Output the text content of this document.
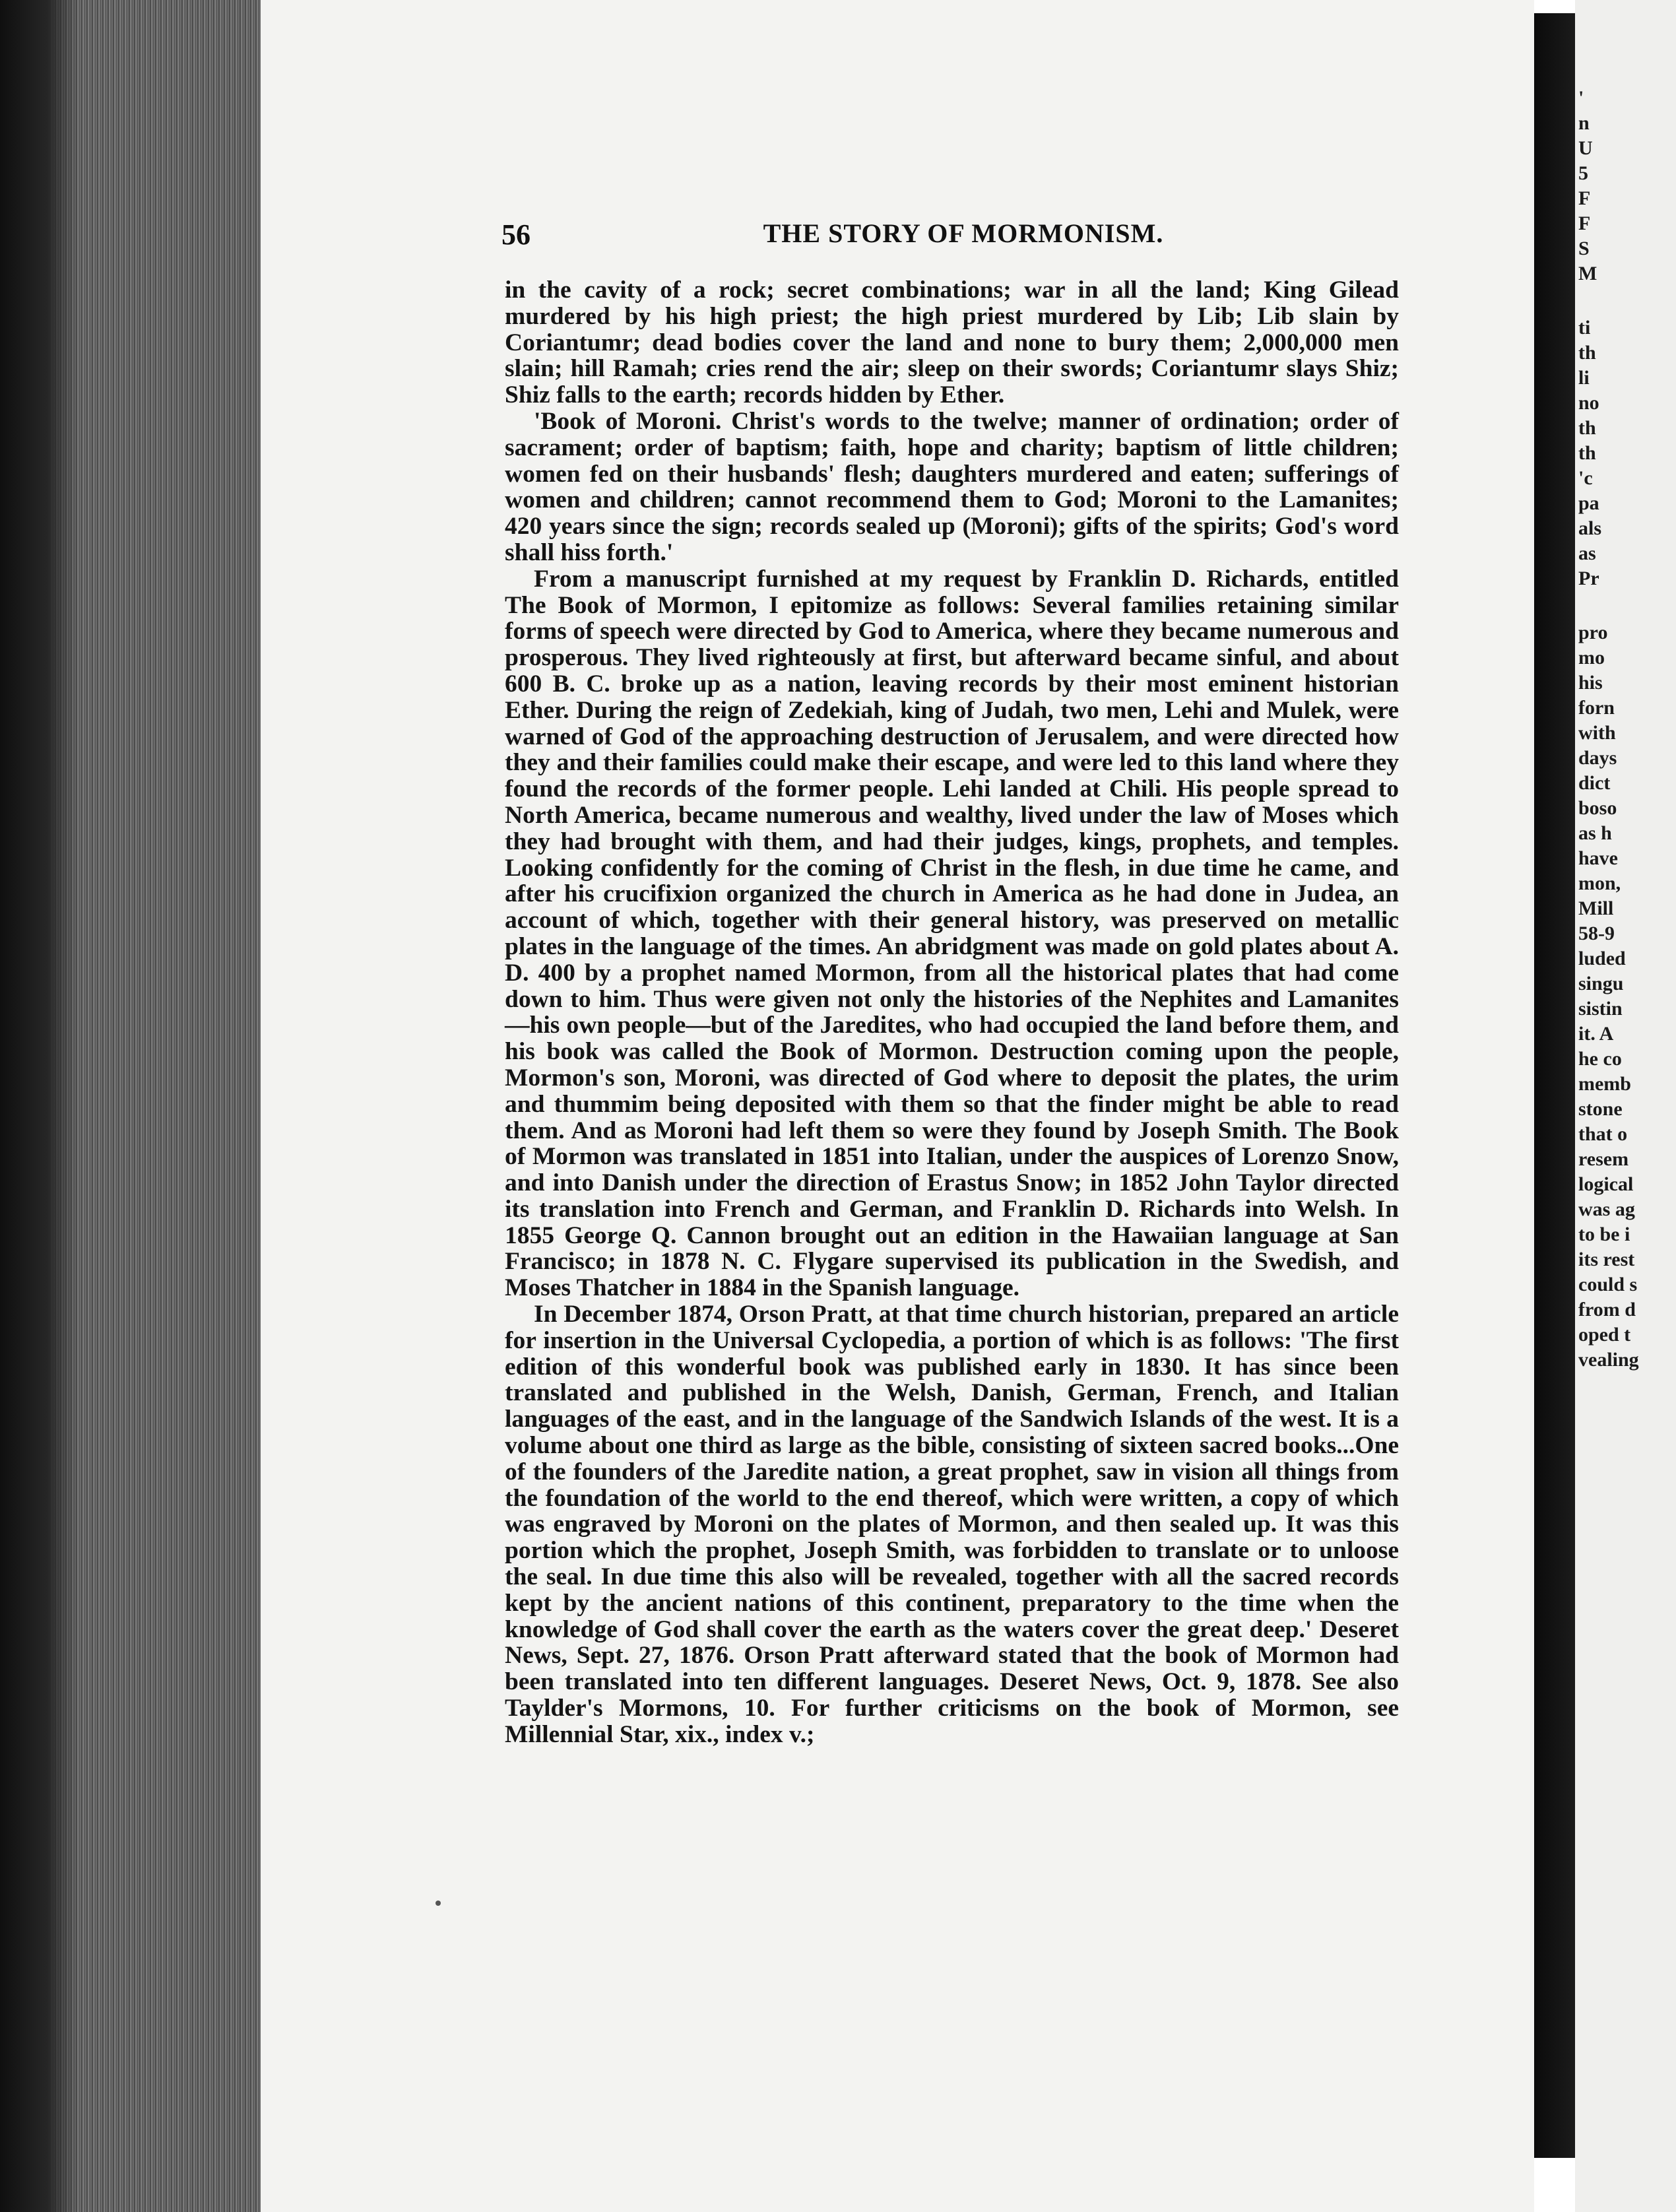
56	THE STORY OF MORMONISM.

in the cavity of a rock; secret combinations; war in all the land; King Gilead murdered by his high priest; the high priest murdered by Lib; Lib slain by Coriantumr; dead bodies cover the land and none to bury them; 2,000,000 men slain; hill Ramah; cries rend the air; sleep on their swords; Coriantumr slays Shiz; Shiz falls to the earth; records hidden by Ether.

'Book of Moroni. Christ's words to the twelve; manner of ordination; order of sacrament; order of baptism; faith, hope and charity; baptism of little children; women fed on their husbands' flesh; daughters murdered and eaten; sufferings of women and children; cannot recommend them to God; Moroni to the Lamanites; 420 years since the sign; records sealed up (Moroni); gifts of the spirits; God's word shall hiss forth.'

From a manuscript furnished at my request by Franklin D. Richards, entitled The Book of Mormon, I epitomize as follows: Several families retaining similar forms of speech were directed by God to America, where they became numerous and prosperous. They lived righteously at first, but afterward became sinful, and about 600 B. C. broke up as a nation, leaving records by their most eminent historian Ether. During the reign of Zedekiah, king of Judah, two men, Lehi and Mulek, were warned of God of the approaching destruction of Jerusalem, and were directed how they and their families could make their escape, and were led to this land where they found the records of the former people. Lehi landed at Chili. His people spread to North America, became numerous and wealthy, lived under the law of Moses which they had brought with them, and had their judges, kings, prophets, and temples. Looking confidently for the coming of Christ in the flesh, in due time he came, and after his crucifixion organized the church in America as he had done in Judea, an account of which, together with their general history, was preserved on metallic plates in the language of the times. An abridgment was made on gold plates about A. D. 400 by a prophet named Mormon, from all the historical plates that had come down to him. Thus were given not only the histories of the Nephites and Lamanites—his own people—but of the Jaredites, who had occupied the land before them, and his book was called the Book of Mormon. Destruction coming upon the people, Mormon's son, Moroni, was directed of God where to deposit the plates, the urim and thummim being deposited with them so that the finder might be able to read them. And as Moroni had left them so were they found by Joseph Smith. The Book of Mormon was translated in 1851 into Italian, under the auspices of Lorenzo Snow, and into Danish under the direction of Erastus Snow; in 1852 John Taylor directed its translation into French and German, and Franklin D. Richards into Welsh. In 1855 George Q. Cannon brought out an edition in the Hawaiian language at San Francisco; in 1878 N. C. Flygare supervised its publication in the Swedish, and Moses Thatcher in 1884 in the Spanish language.

In December 1874, Orson Pratt, at that time church historian, prepared an article for insertion in the Universal Cyclopedia, a portion of which is as follows: 'The first edition of this wonderful book was published early in 1830. It has since been translated and published in the Welsh, Danish, German, French, and Italian languages of the east, and in the language of the Sandwich Islands of the west. It is a volume about one third as large as the bible, consisting of sixteen sacred books...One of the founders of the Jaredite nation, a great prophet, saw in vision all things from the foundation of the world to the end thereof, which were written, a copy of which was engraved by Moroni on the plates of Mormon, and then sealed up. It was this portion which the prophet, Joseph Smith, was forbidden to translate or to unloose the seal. In due time this also will be revealed, together with all the sacred records kept by the ancient nations of this continent, preparatory to the time when the knowledge of God shall cover the earth as the waters cover the great deep.' Deseret News, Sept. 27, 1876. Orson Pratt afterward stated that the book of Mormon had been translated into ten different languages. Deseret News, Oct. 9, 1878. See also Taylder's Mormons, 10. For further criticisms on the book of Mormon, see Millennial Star, xix., index v.;

'
n
U
5
F
F
S
M
ti
th
li
no
th
th
'c
pa
als
as
Pr
pro
mo
his
forn
with
days
dict
boso
as h
have
mon,
Mill
58-9
luded
singu
sistin
it. A
he co
memb
stone
that o
resem
logical
was ag
to be i
its rest
could s
from d
oped t
vealing
